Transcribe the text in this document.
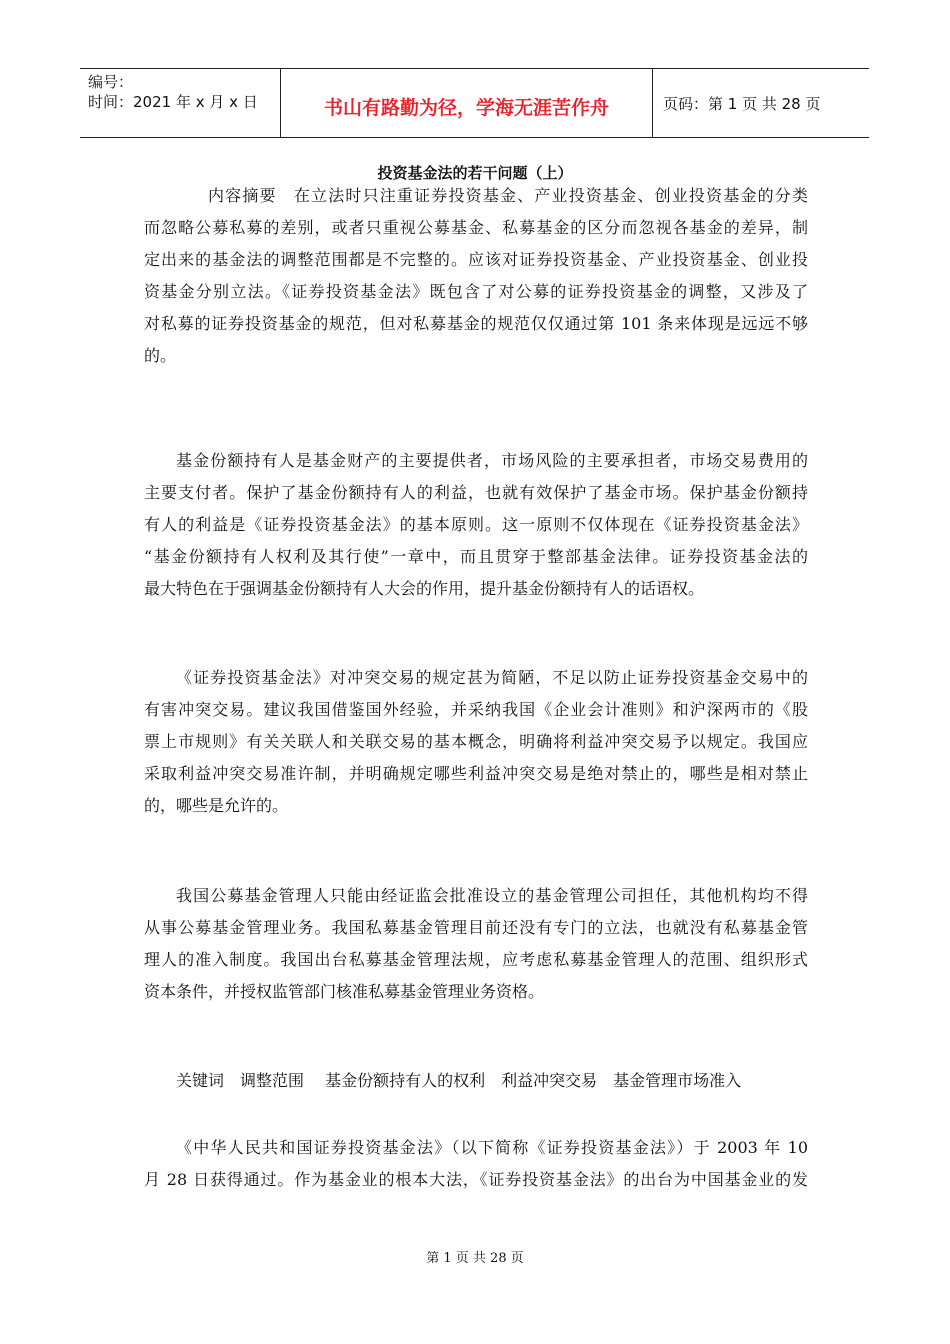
编号：
时间：2021 年 x 月 x 日	书山有路勤为径，学海无涯苦作舟	页码：第 1 页 共 28 页
投资基金法的若干问题（上）
内容摘要　在立法时只注重证券投资基金、产业投资基金、创业投资基金的分类
而忽略公募私募的差别，或者只重视公募基金、私募基金的区分而忽视各基金的差异，制
定出来的基金法的调整范围都是不完整的。应该对证券投资基金、产业投资基金、创业投
资基金分别立法。《证券投资基金法》既包含了对公募的证券投资基金的调整，又涉及了
对私募的证券投资基金的规范，但对私募基金的规范仅仅通过第 101 条来体现是远远不够
的。
基金份额持有人是基金财产的主要提供者，市场风险的主要承担者，市场交易费用的
主要支付者。保护了基金份额持有人的利益，也就有效保护了基金市场。保护基金份额持
有人的利益是《证券投资基金法》的基本原则。这一原则不仅体现在《证券投资基金法》
“基金份额持有人权利及其行使”一章中，而且贯穿于整部基金法律。证券投资基金法的
最大特色在于强调基金份额持有人大会的作用，提升基金份额持有人的话语权。
《证券投资基金法》对冲突交易的规定甚为简陋，不足以防止证券投资基金交易中的
有害冲突交易。建议我国借鉴国外经验，并采纳我国《企业会计准则》和沪深两市的《股
票上市规则》有关关联人和关联交易的基本概念，明确将利益冲突交易予以规定。我国应
采取利益冲突交易准许制，并明确规定哪些利益冲突交易是绝对禁止的，哪些是相对禁止
的，哪些是允许的。
我国公募基金管理人只能由经证监会批准设立的基金管理公司担任，其他机构均不得
从事公募基金管理业务。我国私募基金管理目前还没有专门的立法，也就没有私募基金管
理人的准入制度。我国出台私募基金管理法规，应考虑私募基金管理人的范围、组织形式
资本条件，并授权监管部门核准私募基金管理业务资格。
关键词　调整范围　 基金份额持有人的权利　利益冲突交易　基金管理市场准入
《中华人民共和国证券投资基金法》（以下简称《证券投资基金法》）于 2003 年 10
月 28 日获得通过。作为基金业的根本大法，《证券投资基金法》的出台为中国基金业的发
第 1 页 共 28 页
